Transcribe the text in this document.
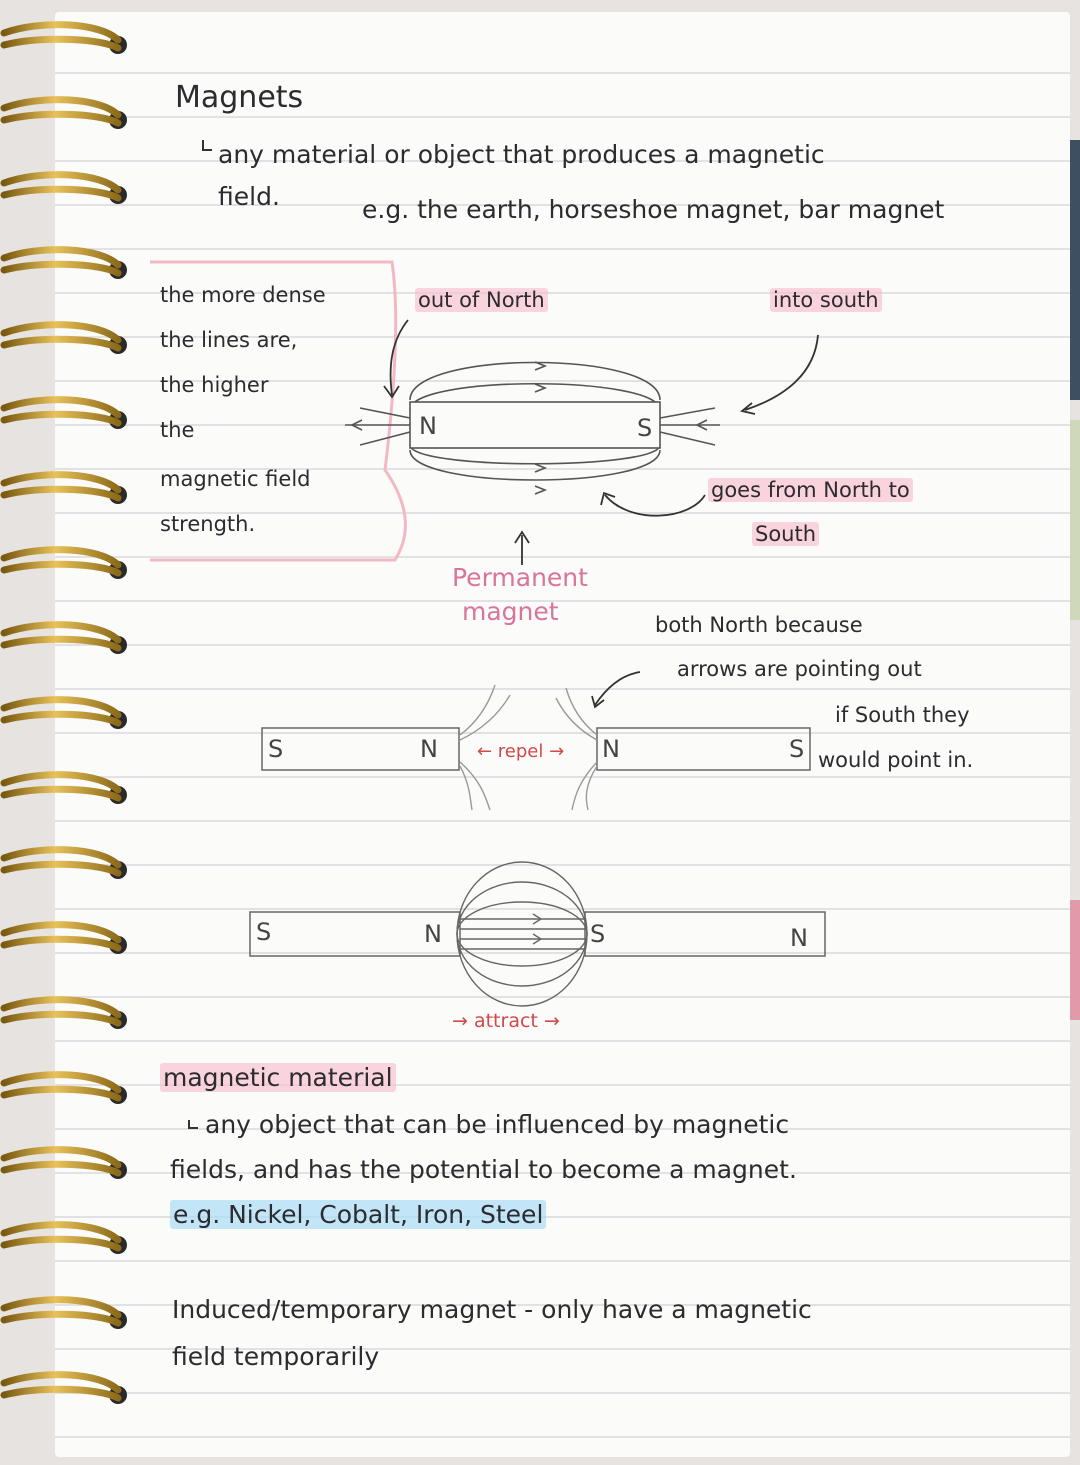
Magnets
any material or object that produces a magnetic
field.	e.g. the earth, horseshoe magnet, bar magnet
the more dense
the lines are,
the higher
the
magnetic field
strength.
out of North	into south
N	S
goes from North to
South
Permanent
magnet
S	N ← repel → N	S
both North because
arrows are pointing out
if South they
would point in.
S	N	S	N
→ attract →
magnetic material
any object that can be influenced by magnetic
fields, and has the potential to become a magnet.
e.g. Nickel, Cobalt, Iron, Steel
Induced/temporary magnet - only have a magnetic
field temporarily
